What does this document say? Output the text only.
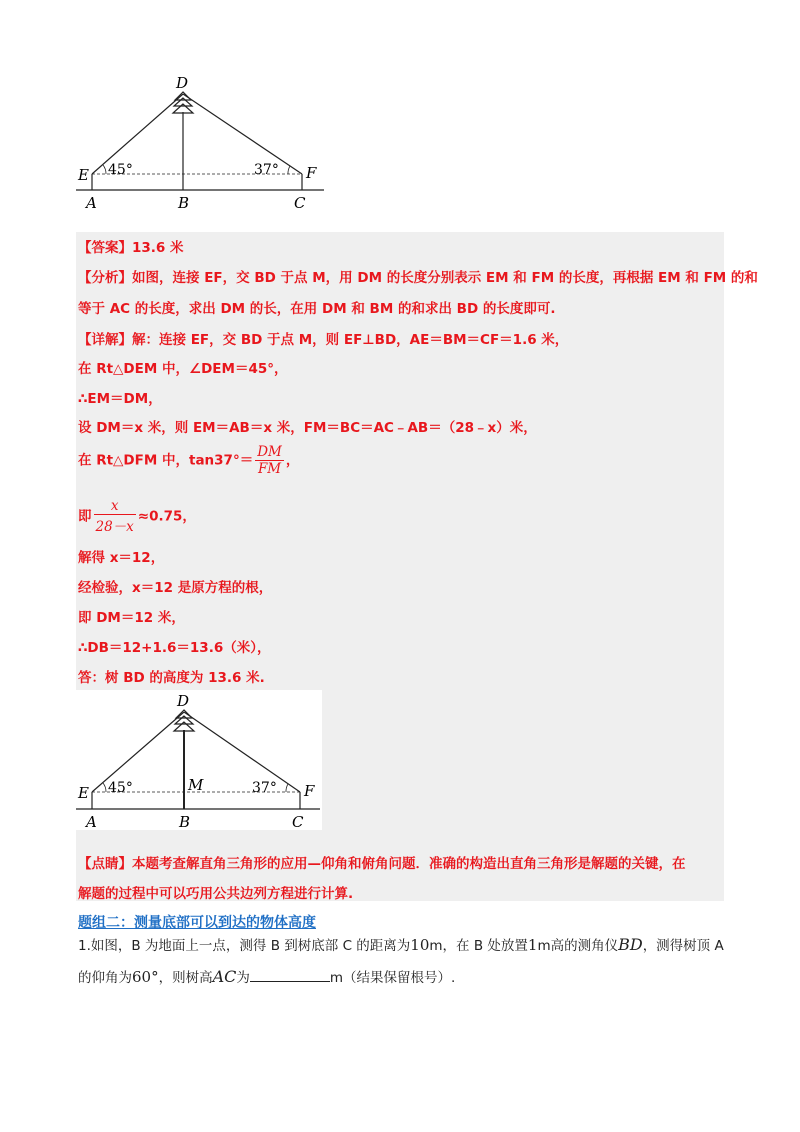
D
E	F
A	B	C
45°	37°
【答案】13.6 米
【分析】如图，连接 EF，交 BD 于点 M，用 DM 的长度分别表示 EM 和 FM 的长度，再根据 EM 和 FM 的和
等于 AC 的长度，求出 DM 的长，在用 DM 和 BM 的和求出 BD 的长度即可.
【详解】解：连接 EF，交 BD 于点 M，则 EF⊥BD，AE＝BM＝CF＝1.6 米，
在 Rt△DEM 中，∠DEM＝45°，
∴EM＝DM，
设 DM＝x 米，则 EM＝AB＝x 米，FM＝BC＝AC﹣AB＝（28﹣x）米，
在 Rt△DFM 中，$\tan 37^\circ= \frac{DM}{FM}$ ，
即 $\frac{x}{28-x} \approx 0.75$，
解得 x＝12，
经检验，x＝12 是原方程的根，
即 DM＝12 米，
∴DB＝12+1.6＝13.6（米），
答：树 BD 的高度为 13.6 米.
D
E	F
M
A	B	C
45°	37°
【点睛】本题考查解直角三角形的应用—仰角和俯角问题．准确的构造出直角三角形是解题的关键，在
解题的过程中可以巧用公共边列方程进行计算.
题组二：测量底部可以到达的物体高度
1.如图，B 为地面上一点，测得 B 到树底部 C 的距离为10m，在 B 处放置1m高的测角仪BD，测得树顶 A
的仰角为60°，则树高AC为	m（结果保留根号）.
